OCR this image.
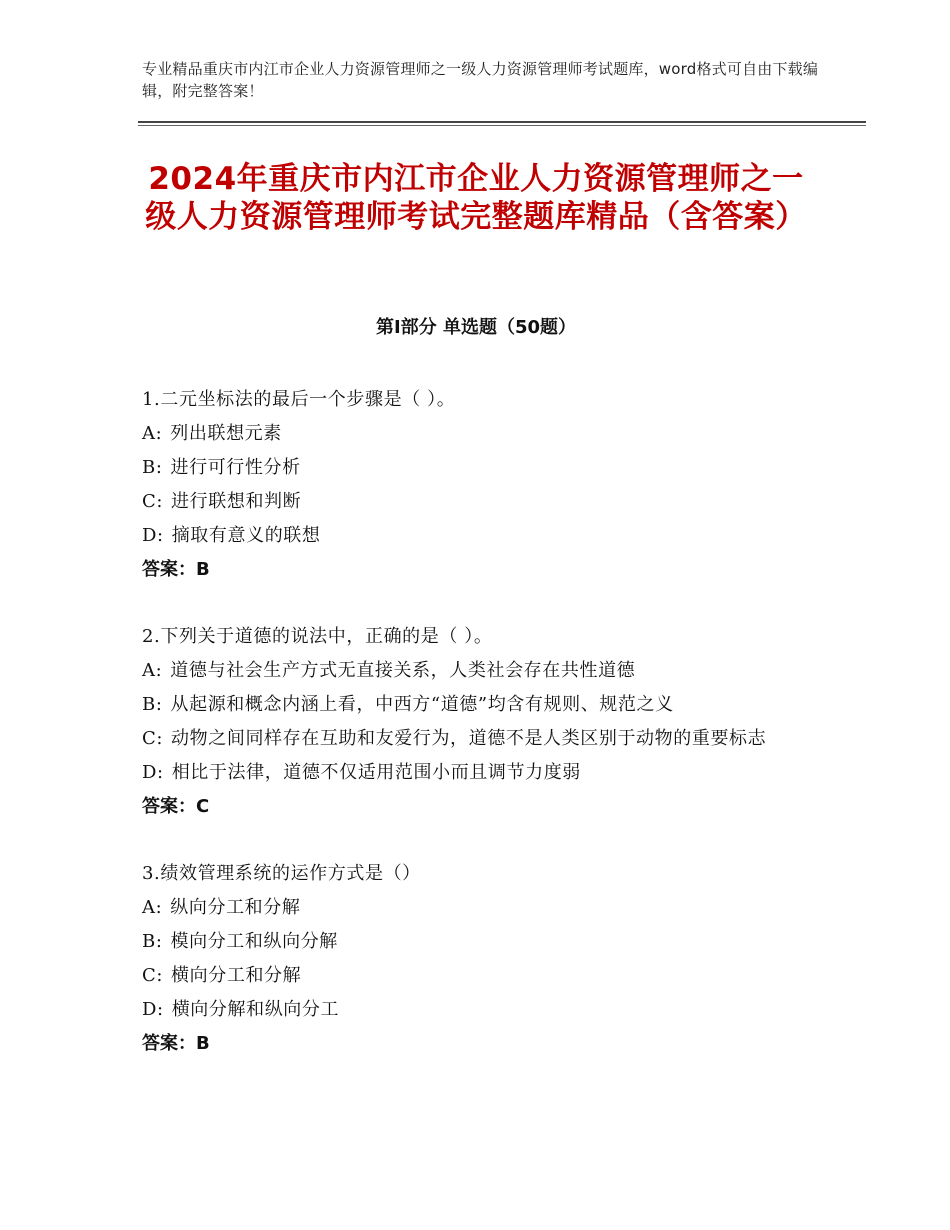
专业精品重庆市内江市企业人力资源管理师之一级人力资源管理师考试题库，word格式可自由下载编辑，附完整答案！
2024年重庆市内江市企业人力资源管理师之一级人力资源管理师考试完整题库精品（含答案）
第Ⅰ部分 单选题（50题）
1.二元坐标法的最后一个步骤是（ ）。
A: 列出联想元素
B: 进行可行性分析
C: 进行联想和判断
D: 摘取有意义的联想
答案：B
2.下列关于道德的说法中，正确的是（ ）。
A: 道德与社会生产方式无直接关系，人类社会存在共性道德
B: 从起源和概念内涵上看，中西方“道德”均含有规则、规范之义
C: 动物之间同样存在互助和友爱行为，道德不是人类区别于动物的重要标志
D: 相比于法律，道德不仅适用范围小而且调节力度弱
答案：C
3.绩效管理系统的运作方式是（）
A: 纵向分工和分解
B: 模向分工和纵向分解
C: 横向分工和分解
D: 横向分解和纵向分工
答案：B
